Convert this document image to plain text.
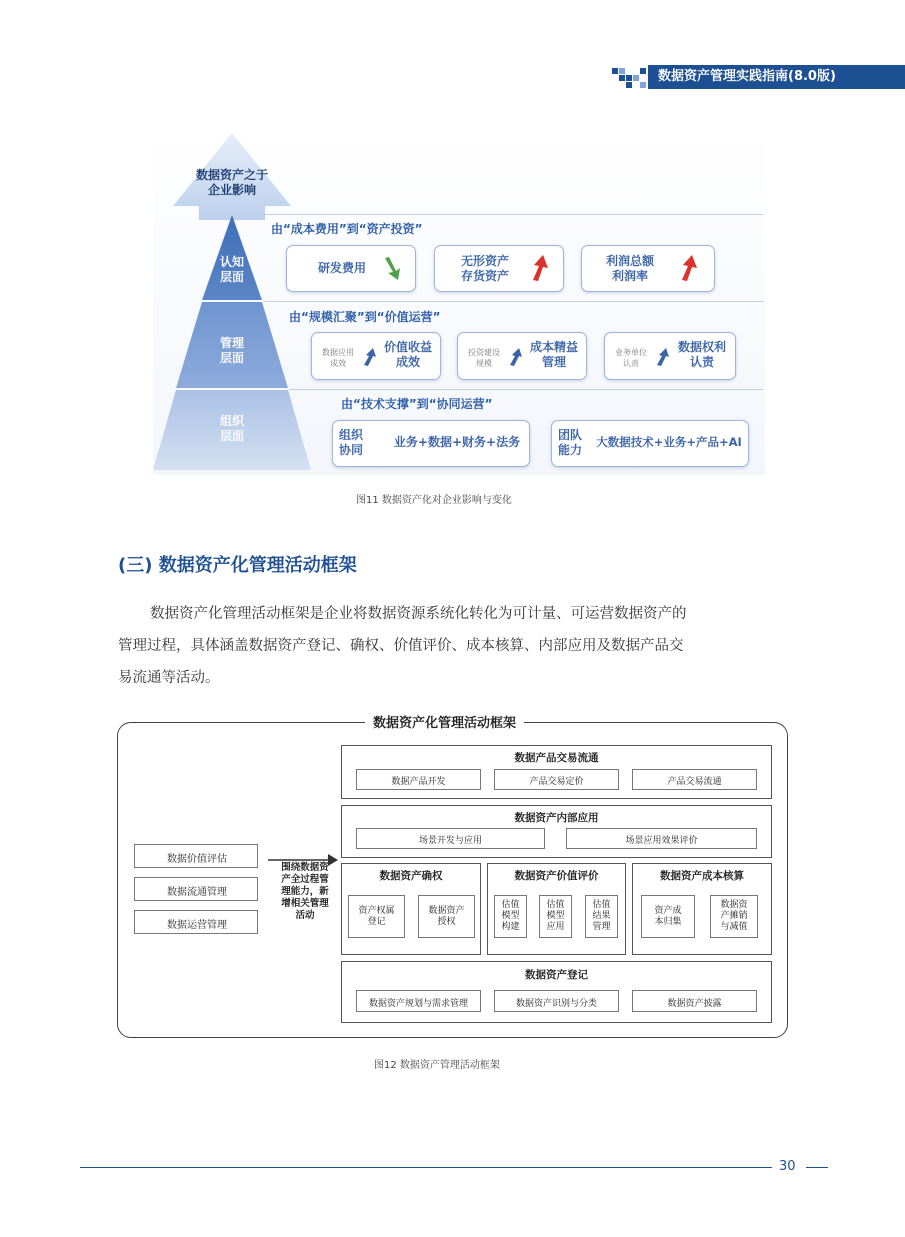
数据资产管理实践指南(8.0版)
数据资产之于
企业影响
认知
层面
管理
层面
组织
层面
由“成本费用”到“资产投资”
研发费用	无形资产
存货资产
利润总额
利润率
由“规模汇聚”到“价值运营”
数据应用
成效
价值收益
成效
投资建设
规模
成本精益
管理
业务单位
认责
数据权利
认责
由“技术支撑”到“协同运营”
组织
协同
业务+数据+财务+法务	团队
能力
大数据技术+业务+产品+AI
图11 数据资产化对企业影响与变化
(三) 数据资产化管理活动框架
数据资产化管理活动框架是企业将数据资源系统化转化为可计量、可运营数据资产的
管理过程，具体涵盖数据资产登记、确权、价值评价、成本核算、内部应用及数据产品交
易流通等活动。
数据资产化管理活动框架
数据价值评估
数据流通管理
数据运营管理
围绕数据资
产全过程管
理能力，新
增相关管理
活动
数据产品交易流通
数据产品开发	产品交易定价	产品交易流通
数据资产内部应用
场景开发与应用	场景应用效果评价
数据资产确权
资产权属
登记
数据资产
授权
数据资产价值评价
估值
模型
构建
估值
模型
应用
估值
结果
管理
数据资产成本核算
资产成
本归集
数据资
产摊销
与减值
数据资产登记
数据资产规划与需求管理	数据资产识别与分类	数据资产披露
图12 数据资产管理活动框架
30
